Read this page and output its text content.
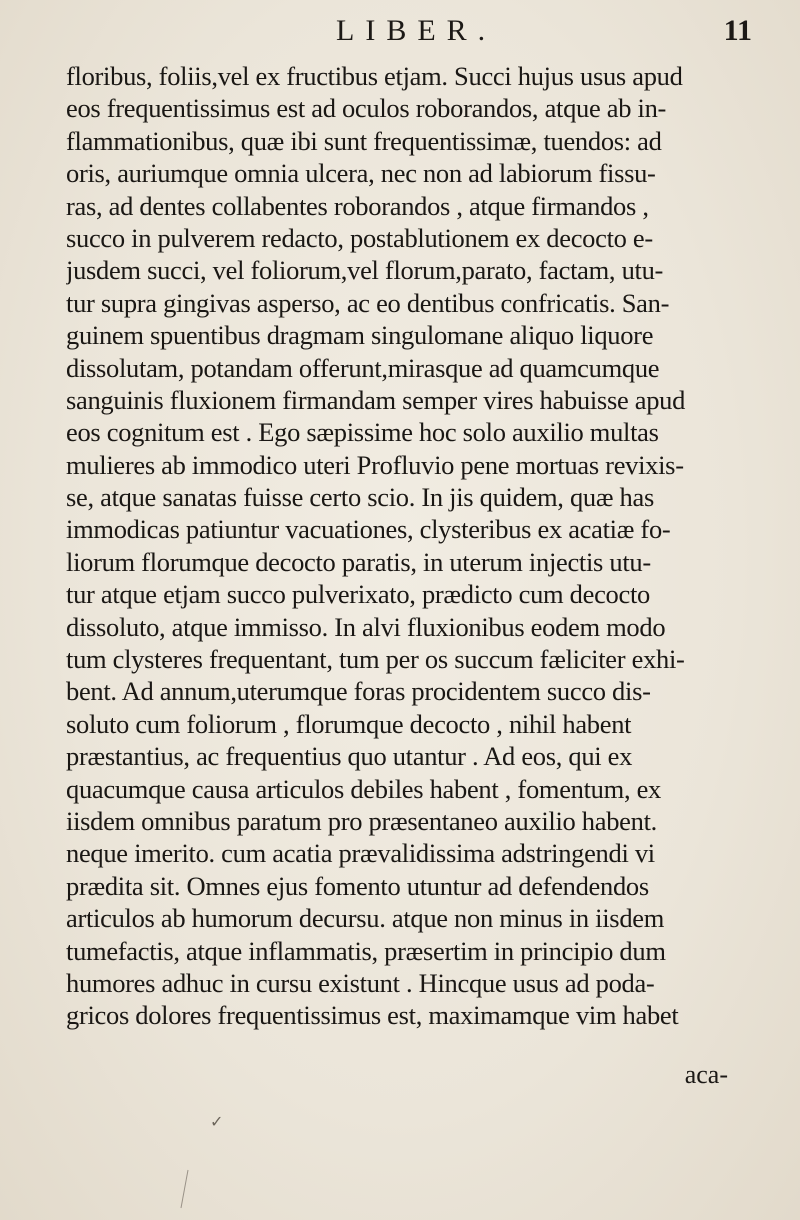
LIBER.	11
floribus, foliis,vel ex fructibus etjam. Succi hujus usus apud
eos frequentissimus est ad oculos roborandos, atque ab in-
flammationibus, quæ ibi sunt frequentissimæ, tuendos: ad
oris, auriumque omnia ulcera, nec non ad labiorum fissu-
ras, ad dentes collabentes roborandos , atque firmandos ,
succo in pulverem redacto, postablutionem ex decocto e-
jusdem succi, vel foliorum,vel florum,parato, factam, utu-
tur supra gingivas asperso, ac eo dentibus confricatis. San-
guinem spuentibus dragmam singulomane aliquo liquore
dissolutam, potandam offerunt,mirasque ad quamcumque
sanguinis fluxionem firmandam semper vires habuisse apud
eos cognitum est . Ego sæpissime hoc solo auxilio multas
mulieres ab immodico uteri Profluvio pene mortuas revixis-
se, atque sanatas fuisse certo scio. In jis quidem, quæ has
immodicas patiuntur vacuationes, clysteribus ex acatiæ fo-
liorum florumque decocto paratis, in uterum injectis utu-
tur atque etjam succo pulverixato, prædicto cum decocto
dissoluto, atque immisso. In alvi fluxionibus eodem modo
tum clysteres frequentant, tum per os succum fæliciter exhi-
bent. Ad annum,uterumque foras procidentem succo dis-
soluto cum foliorum , florumque decocto , nihil habent
præstantius, ac frequentius quo utantur . Ad eos, qui ex
quacumque causa articulos debiles habent , fomentum, ex
iisdem omnibus paratum pro præsentaneo auxilio habent.
neque imerito. cum acatia prævalidissima adstringendi vi
prædita sit. Omnes ejus fomento utuntur ad defendendos
articulos ab humorum decursu. atque non minus in iisdem
tumefactis, atque inflammatis, præsertim in principio dum
humores adhuc in cursu existunt . Hincque usus ad poda-
gricos dolores frequentissimus est, maximamque vim habet
aca-
✓
